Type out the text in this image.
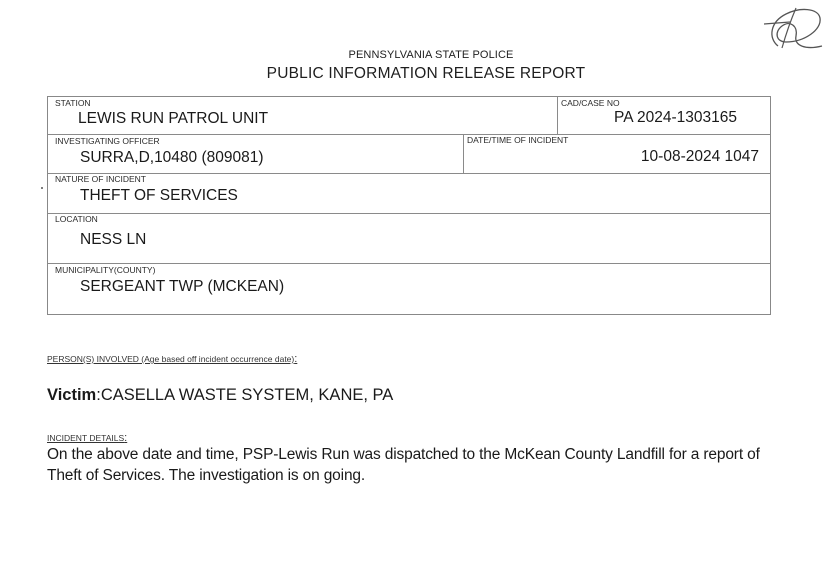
PENNSYLVANIA STATE POLICE
PUBLIC INFORMATION RELEASE REPORT
STATION
LEWIS RUN PATROL UNIT
CAD/CASE NO
PA 2024-1303165
INVESTIGATING OFFICER
SURRA,D,10480 (809081)
DATE/TIME OF INCIDENT
10-08-2024 1047
NATURE OF INCIDENT
THEFT OF SERVICES
LOCATION
NESS LN
MUNICIPALITY(COUNTY)
SERGEANT TWP (MCKEAN)
PERSON(S) INVOLVED (Age based off incident occurrence date):
Victim:CASELLA WASTE SYSTEM, KANE, PA
INCIDENT DETAILS:
On the above date and time, PSP-Lewis Run was dispatched to the McKean County Landfill for a report of Theft of Services. The investigation is on going.
